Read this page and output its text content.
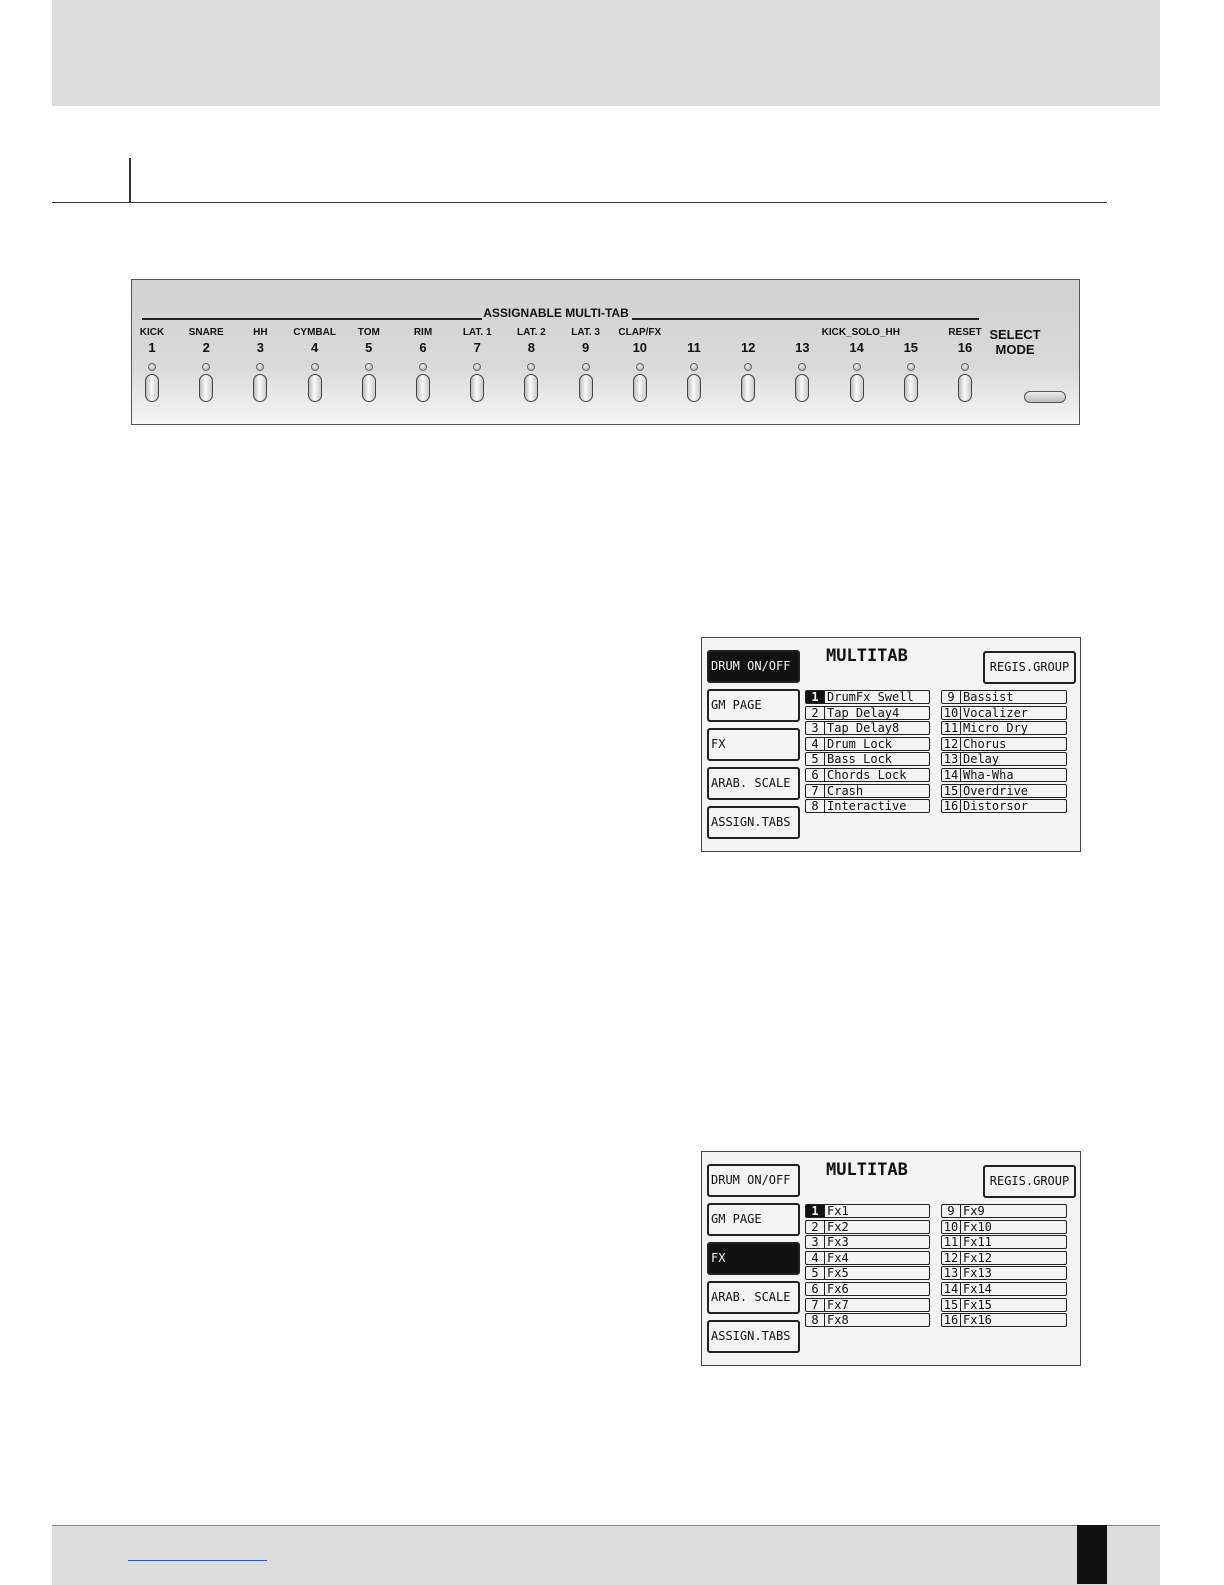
ASSIGNABLE MULTI-TAB
SELECT
MODE
KICK
1
SNARE
2
HH
3
CYMBAL
4
TOM
5
RIM
6
LAT. 1
7
LAT. 2
8
LAT. 3
9
CLAP/FX
10	11	12	13
KICK_SOLO_HH
14	15
RESET
16
MULTITAB
REGIS.GROUP
DRUM ON/OFF
GM PAGE
FX
ARAB. SCALE
ASSIGN.TABS
1 DrumFx Swell
2 Tap Delay4
3 Tap Delay8
4 Drum Lock
5 Bass Lock
6 Chords Lock
7 Crash
8 Interactive
9 Bassist
10 Vocalizer
11 Micro Dry
12 Chorus
13 Delay
14 Wha-Wha
15 Overdrive
16 Distorsor
MULTITAB
REGIS.GROUP
DRUM ON/OFF
GM PAGE
FX
ARAB. SCALE
ASSIGN.TABS
1 Fx1
2 Fx2
3 Fx3
4 Fx4
5 Fx5
6 Fx6
7 Fx7
8 Fx8
9 Fx9
10 Fx10
11 Fx11
12 Fx12
13 Fx13
14 Fx14
15 Fx15
16 Fx16
